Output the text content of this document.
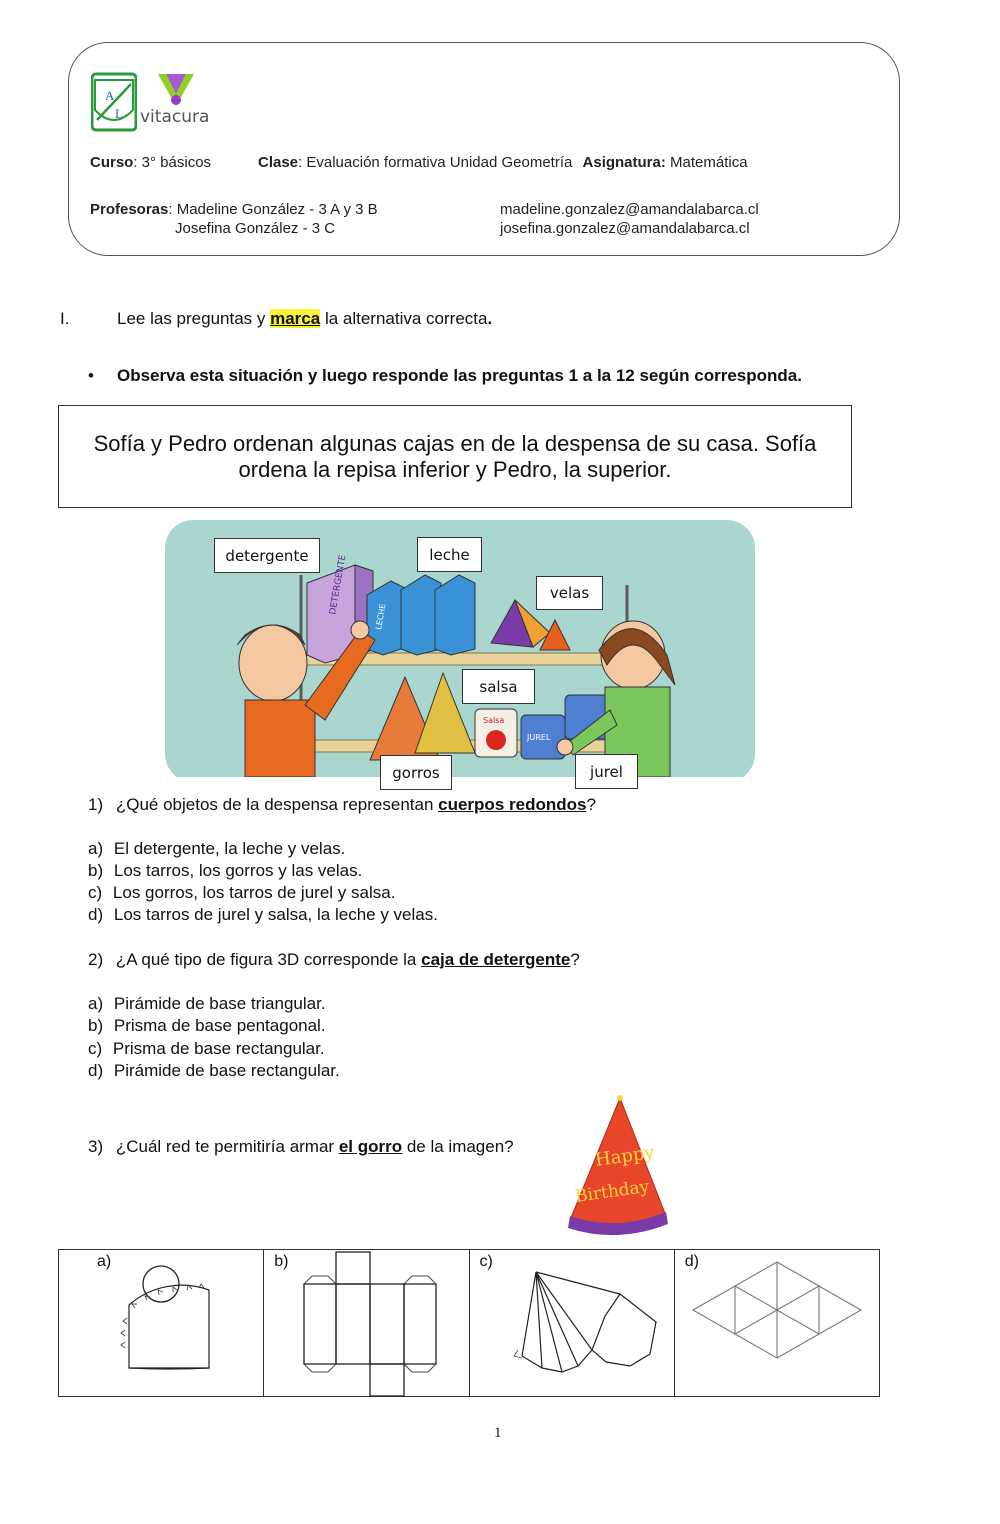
A
L vitacura
Curso: 3° básicos	Clase: Evaluación formativa Unidad Geometría Asignatura: Matemática
Profesoras: Madeline González - 3 A y 3 B
Josefina González - 3 C
madeline.gonzalez@amandalabarca.cl
josefina.gonzalez@amandalabarca.cl
I.	Lee las preguntas y marca la alternativa correcta.
• Observa esta situación y luego responde las preguntas 1 a la 12 según corresponda.
Sofía y Pedro ordenan algunas cajas en de la despensa de su casa. Sofía
ordena la repisa inferior y Pedro, la superior.
DETERGENTE
LECHE
Salsa
JUREL
detergente	leche
velas
salsa
gorros	jurel
1) ¿Qué objetos de la despensa representan cuerpos redondos?
a) El detergente, la leche y velas.
b) Los tarros, los gorros y las velas.
c) Los gorros, los tarros de jurel y salsa.
d) Los tarros de jurel y salsa, la leche y velas.
2) ¿A qué tipo de figura 3D corresponde la caja de detergente?
a) Pirámide de base triangular.
b) Prisma de base pentagonal.
c) Prisma de base rectangular.
d) Pirámide de base rectangular.
3) ¿Cuál red te permitiría armar el gorro de la imagen?	Happy
Birthday
a)	b)	c)	d)
1
